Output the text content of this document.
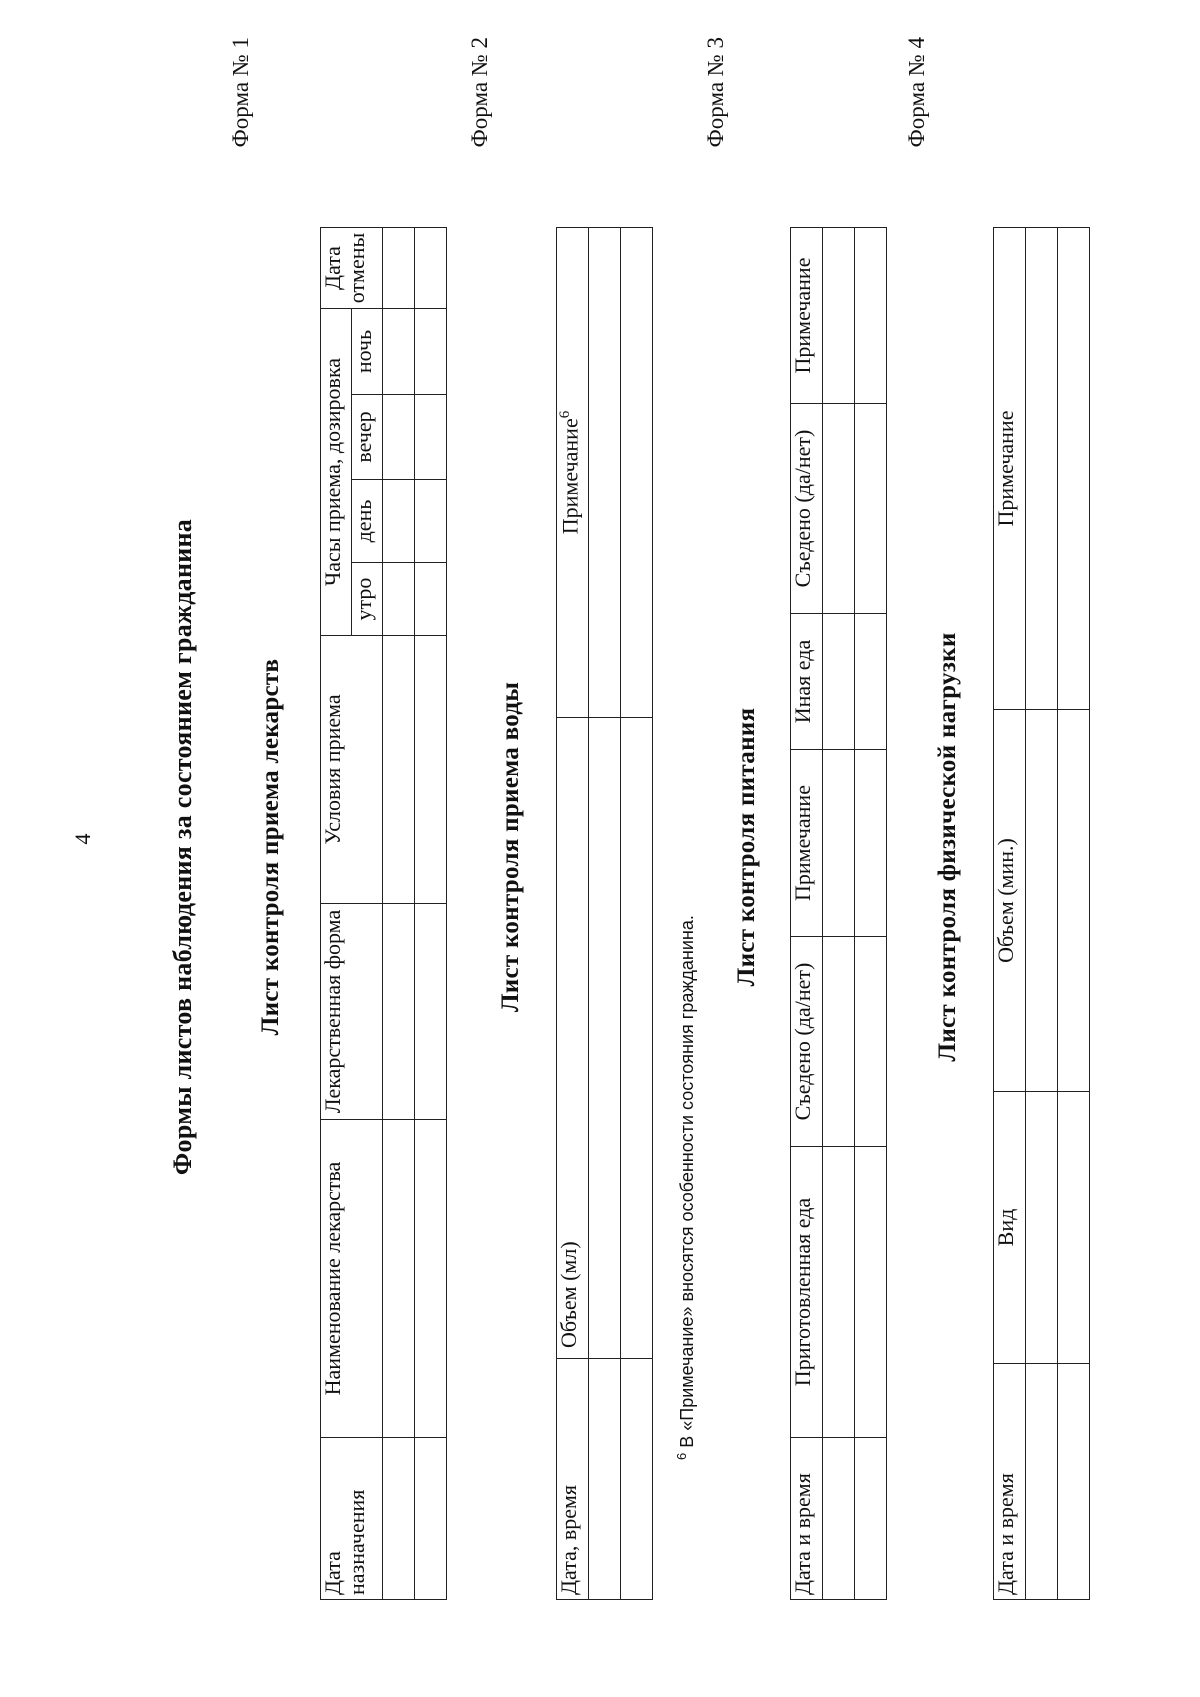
4	Формы листов наблюдения за состоянием гражданина
Форма № 1
Лист контроля приема лекарств
Дата назначения	Наименование лекарства	Лекарственная форма	Условия приема	Часы приема, дозировка				Дата отмены
				утро	день	вечер	ночь	

Форма № 2
Лист контроля приема воды
Дата, время	Объем (мл)	Примечание$^6$

$^6$ В «Примечание» вносятся особенности состояния гражданина.
Форма № 3
Лист контроля питания
Дата и время	Приготовленная еда	Съедено (да/нет)	Примечание	Иная еда	Съедено (да/нет)	Примечание

Форма № 4
Лист контроля физической нагрузки
Дата и время	Вид	Объем (мин.)	Примечание
